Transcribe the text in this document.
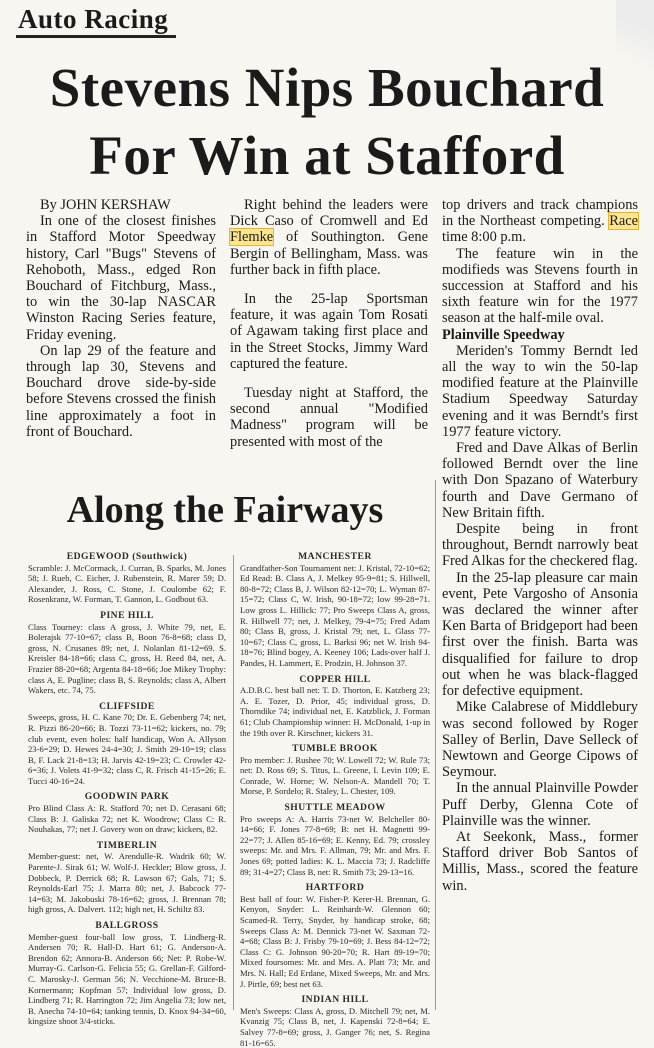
Auto Racing
Stevens Nips Bouchard
For Win at Stafford

By JOHN KERSHAW

In one of the closest finishes in Stafford Motor Speedway history, Carl "Bugs" Stevens of Rehoboth, Mass., edged Ron Bouchard of Fitchburg, Mass., to win the 30-lap NASCAR Winston Racing Series feature, Friday evening.

On lap 29 of the feature and through lap 30, Stevens and Bouchard drove side-by-side before Stevens crossed the finish line approximately a foot in front of Bouchard.

Right behind the leaders were Dick Caso of Cromwell and Ed Flemke of Southington. Gene Bergin of Bellingham, Mass. was further back in fifth place.

In the 25-lap Sportsman feature, it was again Tom Rosati of Agawam taking first place and in the Street Stocks, Jimmy Ward captured the feature.

Tuesday night at Stafford, the second annual "Modified Madness" program will be presented with most of the

top drivers and track champions in the Northeast competing. Race time 8:00 p.m.

The feature win in the modifieds was Stevens fourth in succession at Stafford and his sixth feature win for the 1977 season at the half-mile oval.

Plainville Speedway

Meriden's Tommy Berndt led all the way to win the 50-lap modified feature at the Plainville Stadium Speedway Saturday evening and it was Berndt's first 1977 feature victory.

Fred and Dave Alkas of Berlin followed Berndt over the line with Don Spazano of Waterbury fourth and Dave Germano of New Britain fifth.

Despite being in front throughout, Berndt narrowly beat Fred Alkas for the checkered flag.

In the 25-lap pleasure car main event, Pete Vargosho of Ansonia was declared the winner after Ken Barta of Bridgeport had been first over the finish. Barta was disqualified for failure to drop out when he was black-flagged for defective equipment.

Mike Calabrese of Middlebury was second followed by Roger Salley of Berlin, Dave Selleck of Newtown and George Cipows of Seymour.

In the annual Plainville Powder Puff Derby, Glenna Cote of Plainville was the winner.

At Seekonk, Mass., former Stafford driver Bob Santos of Millis, Mass., scored the feature win.

Along the Fairways
EDGEWOOD (Southwick)

Scramble: J. McCormack, J. Curran, B. Sparks, M. Jones 58; J. Rueb, C. Eicher, J. Rubenstein, R. Marer 59; D. Alexander, J. Ross, C. Stone, J. Coulombe 62; F. Rosenkranz, W. Forman, T. Gannon, L. Godbout 63.

PINE HILL

Class Tourney: class A gross, J. White 79, net, E. Bolerajsk 77-10=67; class B, Boon 76-8=68; class D, gross, N. Crusanes 89; net, J. Nolanlan 81-12=69. S. Kreisler 84-18=66; class C, gross, H. Reed 84, net, A. Frazier 88-20=68; Argenta 84-18=66; Joe Mikey Trophy: class A, E. Pugline; class B, S. Reynolds; class A, Albert Wakers, etc. 74, 75.

CLIFFSIDE

Sweeps, gross, H. C. Kane 70; Dr. E. Gebenberg 74; net, R. Pizzi 86-20=66; B. Tozzi 73-11=62; kickers, no. 79; club event, even holes: half handicap, Won A. Allyson 23-6=29; D. Hewes 24-4=30; J. Smith 29-10=19; class B, F. Lack 21-8=13; H. Jarvis 42-19=23; C. Crowler 42-6=36; J. Volets 41-9=32; class C, R. Frisch 41-15=26; E. Tucci 40-16=24.

GOODWIN PARK

Pro Blind Class A: R. Stafford 70; net D. Cerasani 68; Class B: J. Galiska 72; net K. Woodrow; Class C: R. Nouhakas, 77; net J. Govery won on draw; kickers, 82.

TIMBERLIN

Member-guest: net, W. Arendulle-R. Wadrik 60; W. Parente-J. Sirak 61; W. Wolf-J. Heckler; Blow gross, J. Dobbeck, P. Derrick 68; R. Lawson 67; Gals, 71; S. Reynolds-Earl 75; J. Marra 80; net, J. Babcock 77-14=63; M. Jakobuski 78-16=62; gross, J. Brennan 78; high gross, A. Dalvert. 112; high net, H. Schiltz 83.

BALLGROSS

Member-guest four-ball low gross, T. Lindberg-R. Andersen 70; R. Hall-D. Hart 61; G. Anderson-A. Brendon 62; Annora-B. Anderson 66; Net: P. Robe-W. Murray-G. Carlson-G. Felicia 55; G. Grellan-F. Gilford-C. Marosky-J. German 56; N. Vecchione-M. Bruce-B. Kornermann; Kopfman 57; Individual low gross, D. Lindberg 71; R. Harrington 72; Jim Angelia 73; low net, B. Anecha 74-10=64; tanking tennis, D. Knox 94-34=60, kingsize shoot 3/4-sticks.

MANCHESTER

Grandfather-Son Tournament net: J. Kristal, 72-10=62; Ed Read: B. Class A, J. Melkey 95-9=81; S. Hillwell, 80-8=72; Class B, J. Wilson 82-12=70; L. Wyman 87-15=72; Class C, W. Irish, 90-18=72; low 99-28=71. Low gross L. Hillick: 77; Pro Sweeps Class A, gross, R. Hillwell 77; net, J. Melkey, 79-4=75; Fred Adam 80; Class B, gross, J. Kristal 79; net, L. Glass 77-10=67; Class C, gross, L. Barksi 96; net W. Irish 94-18=76; Blind bogey, A. Keeney 106; Lads-over half J. Pandes, H. Lammert, E. Prodzin, H. Johnson 37.

COPPER HILL

A.D.B.C. best ball net: T. D. Thorton, E. Katzberg 23; A. E. Tozer, D. Prior, 45; individual gross, D. Thorndike 74; individual net, E. Katzblick, J. Forman 61; Club Championship winner: H. McDonald, 1-up in the 19th over R. Kirschner, kickers 31.

TUMBLE BROOK

Pro member: J. Rushee 70; W. Lowell 72; W. Rule 73; net: D. Ross 69; S. Titus, L. Greene, I. Levin 109; E. Conrade, W. Horne; W. Nelson-A. Mandell 70; T. Morse, P. Sordelo; R. Staley, L. Chester, 109.

SHUTTLE MEADOW

Pro sweeps A: A. Harris 73-net W. Belcheller 80-14=66; F. Jones 77-8=69; B: net H. Magnetti 99-22=77; J. Allen 85-16=69; E. Kenny, Ed. 79; crossley sweeps: Mr. and Mrs. F. Allman, 79; Mr. and Mrs. F. Jones 69; potted ladies: K. L. Maccia 73; J. Radcliffe 89; 31-4=27; Class B, net: R. Smith 73; 29-13=16.

HARTFORD

Best ball of four: W. Fisher-P. Kerer-H. Brennan, G. Kenyon, Snyder: L. Reinhardt-W. Glennon 60; Scamed-R. Terry, Snyder, by handicap stroke, 68; Sweeps Class A: M. Dennick 73-net W. Saxman 72-4=68; Class B: J. Frisby 79-10=69; J. Bess 84-12=72; Class C: G. Johnson 90-20=70; R. Hart 89-19=70; Mixed foursomes: Mr. and Mrs. A. Platt 73; Mr. and Mrs. N. Hall; Ed Erdane, Mixed Sweeps, Mr. and Mrs. J. Pirtle, 69; best net 63.

INDIAN HILL

Men's Sweeps: Class A, gross, D. Mitchell 79; net, M. Kvanzig 75; Class B, net, J. Kapenski 72-8=64; E. Salvey 77-8=69; gross, J. Ganger 76; net, S. Regina 81-16=65.
